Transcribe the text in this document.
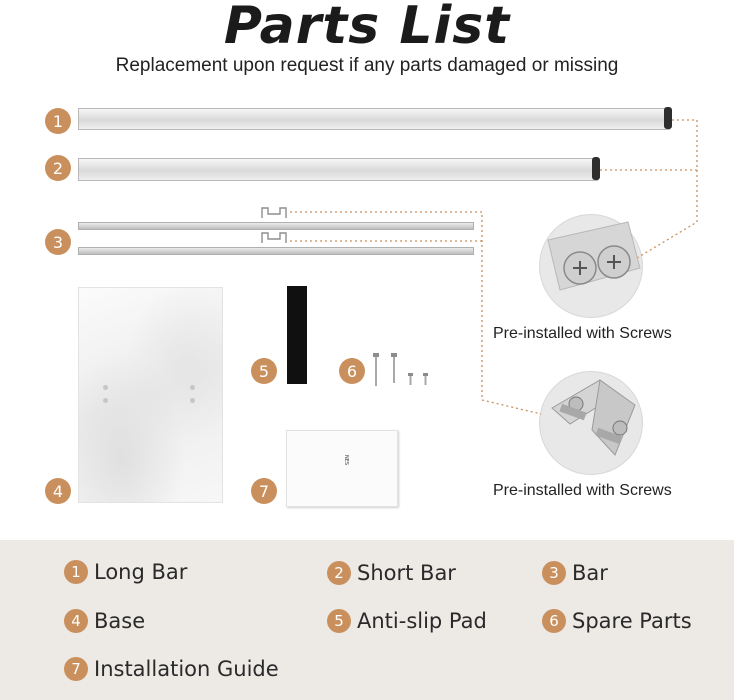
Parts List
Replacement upon request if any parts damaged or missing
1
2
3
4
5	6
NES
7
Pre-installed with Screws
Pre-installed with Screws
1 Long Bar	2 Short Bar	3 Bar
4 Base	5 Anti-slip Pad	6 Spare Parts
7 Installation Guide
